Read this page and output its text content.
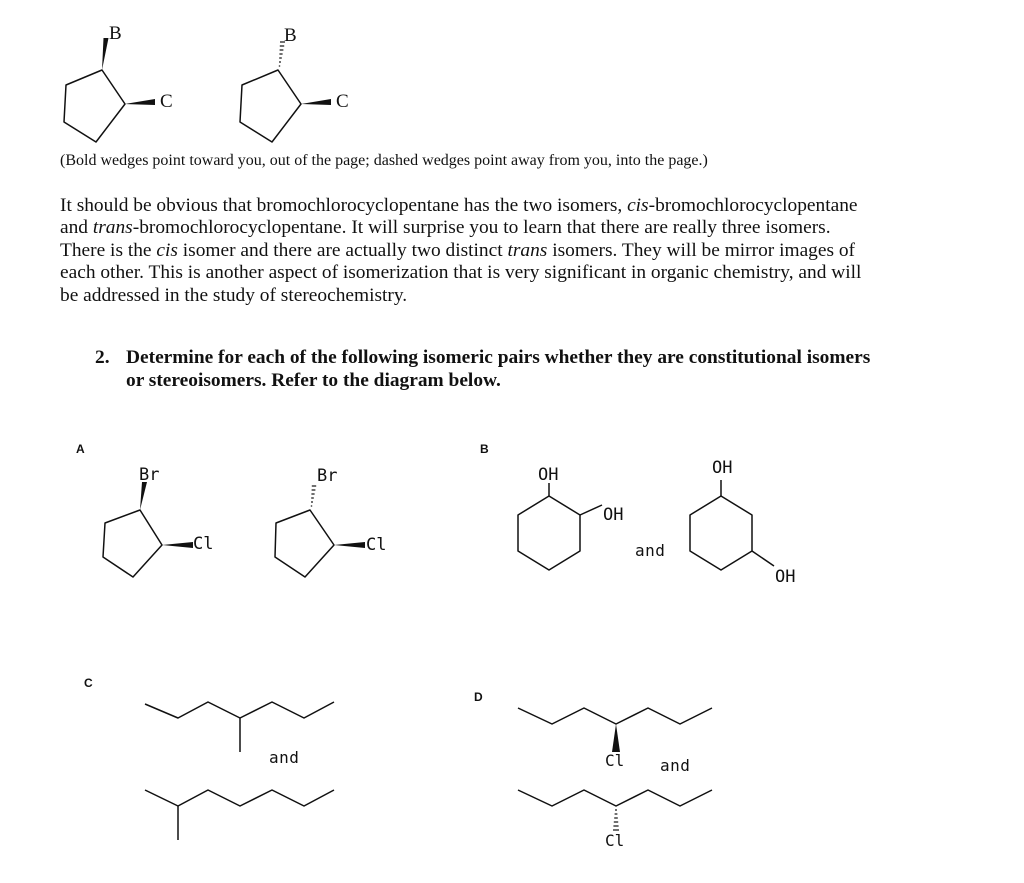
B
C
B
C
(Bold wedges point toward you, out of the page; dashed wedges point away from you, into the page.)

It should be obvious that bromochlorocyclopentane has the two isomers, cis-bromochlorocyclopentane

and trans-bromochlorocyclopentane. It will surprise you to learn that there are really three isomers.

There is the cis isomer and there are actually two distinct trans isomers. They will be mirror images of

each other. This is another aspect of isomerization that is very significant in organic chemistry, and will

be addressed in the study of stereochemistry.

2. Determine for each of the following isomeric pairs whether they are constitutional isomers
or stereoisomers. Refer to the diagram below.
A	B
C
D
Br
Cl
Br
Cl
OH
OH
and
OH
OH
and	Cl and
Cl
